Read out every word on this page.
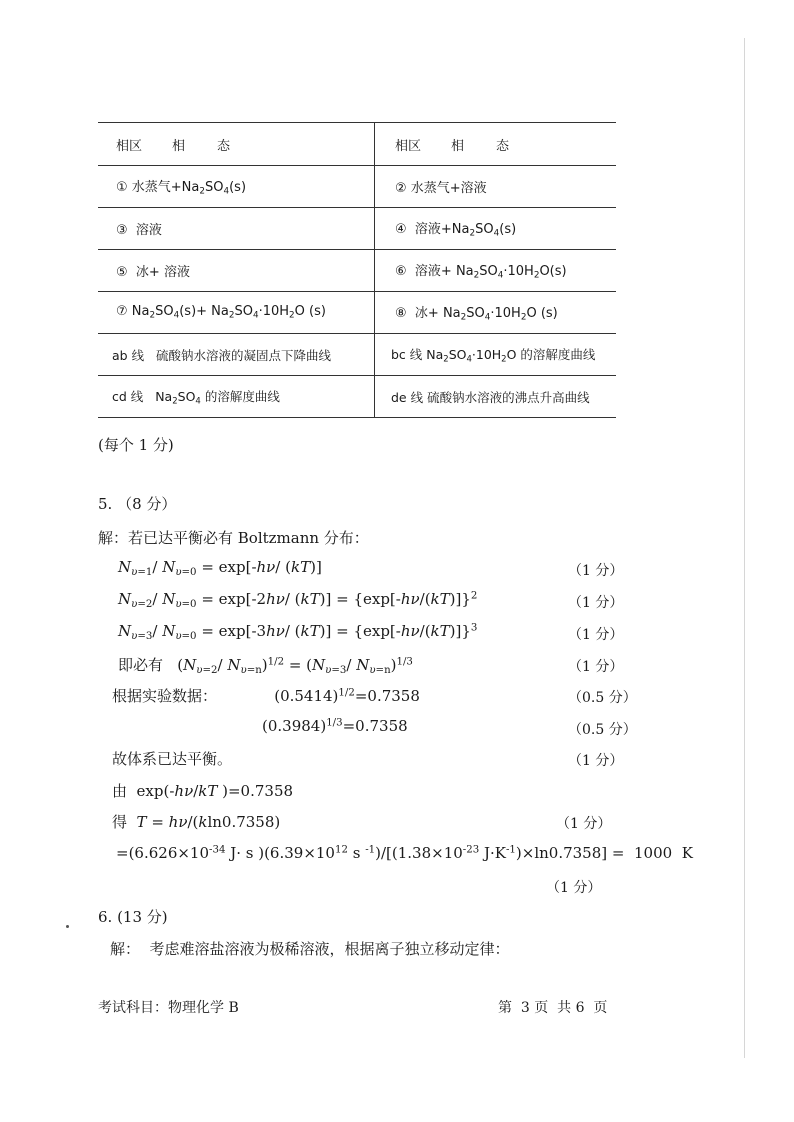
相区 相 态	相区 相 态
① 水蒸气$+Na_2SO_4(s)$	② 水蒸气+溶液
③  溶液	④  溶液$+Na_2SO_4(s)$
⑤  冰+ 溶液	⑥  溶液+ $Na_2SO_4\cdot 10H_2O(s)$
⑦ $Na_2SO_4(s)+ Na_2SO_4\cdot 10H_2O$ (s)	⑧  冰+ $Na_2SO_4\cdot 10H_2O$ (s)
ab 线   硫酸钠水溶液的凝固点下降曲线	bc 线 $Na_2SO_4\cdot 10H_2O$ 的溶解度曲线
cd 线   $Na_2SO_4$ 的溶解度曲线	de 线 硫酸钠水溶液的沸点升高曲线
(每个 1 分)
5. （8 分）
解：若已达平衡必有 Boltzmann 分布：
$N_{\upsilon=1}/$ $N_{\upsilon=0} = \exp[-h\nu/$ (kT)]	（1 分）
$N_{\upsilon=2}/$ $N_{\upsilon=0} = \exp[-2h\nu/$ $(kT)] = \{\exp[-h\nu/(kT)]\}^2$	（1 分）
$N_{\upsilon=3}/$ $N_{\upsilon=0} = \exp[-3h\nu/$ $(kT)] = \{\exp[-h\nu/(kT)]\}^3$	（1 分）
即必有   ($N_{\upsilon=2}/$ $N_{\upsilon=n})^{1/2} = (N_{\upsilon=3}/$ $N_{\upsilon=n})^{1/3}$	（1 分）
根据实验数据：            $(0.5414)^{1/2}=0.7358$	（0.5 分）
$(0.3984)^{1/3}=0.7358$	（0.5 分）
故体系已达平衡。	（1 分）
由  exp(-hν/kT )=0.7358
得  T = hν/(kln0.7358)	（1 分）
$=(6.626\times 10^{-34}$ J· s )($6.39\times 10^{12}$ s $^{-1})/[(1.38\times 10^{-23}$ $J\cdot K^{-1})\times\ln 0.7358] = 1000$  K
（1 分）
6. (13 分)
解：  考虑难溶盐溶液为极稀溶液，根据离子独立移动定律：
考试科目：物理化学 B	第  3 页  共 6  页
